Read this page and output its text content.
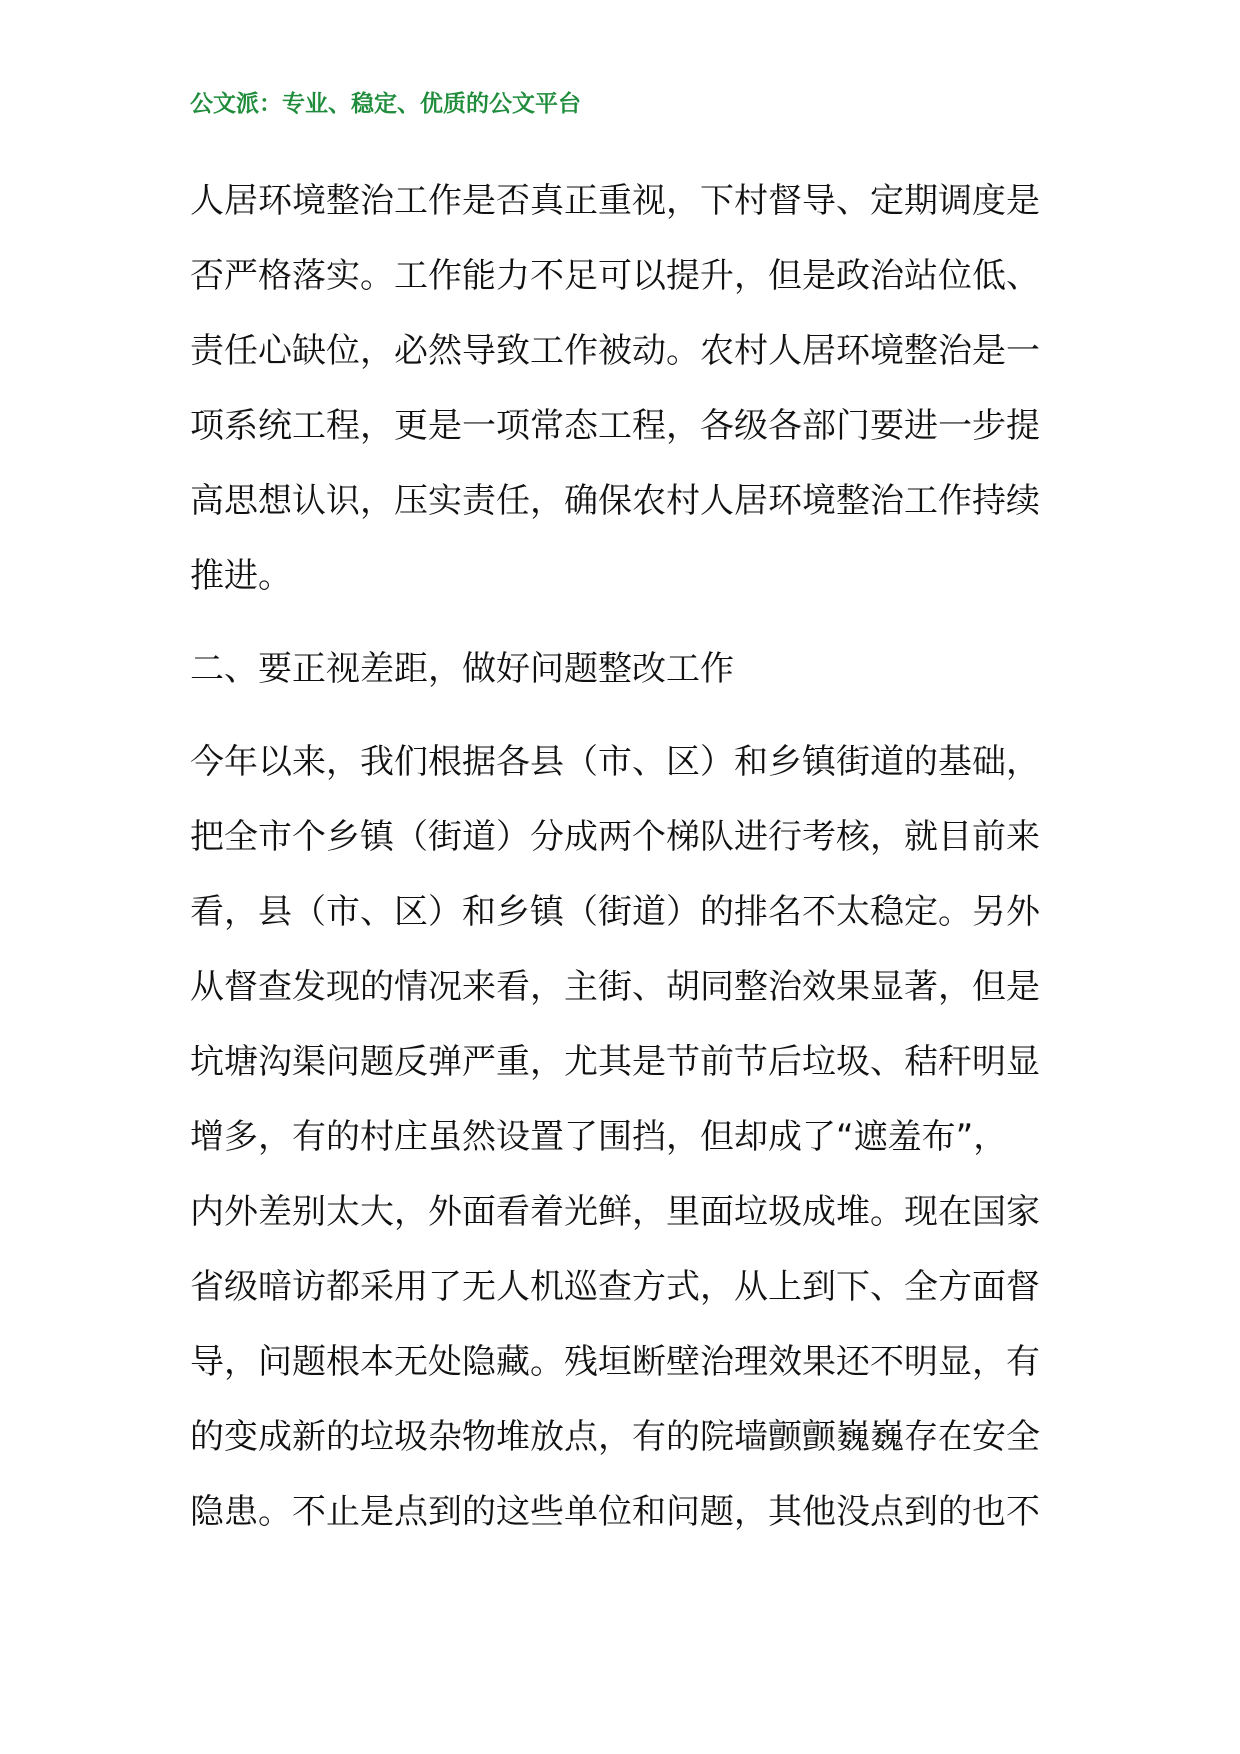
公文派：专业、稳定、优质的公文平台
人居环境整治工作是否真正重视，下村督导、定期调度是
否严格落实。工作能力不足可以提升，但是政治站位低、
责任心缺位，必然导致工作被动。农村人居环境整治是一
项系统工程，更是一项常态工程，各级各部门要进一步提
高思想认识，压实责任，确保农村人居环境整治工作持续
推进。
二、要正视差距，做好问题整改工作
今年以来，我们根据各县（市、区）和乡镇街道的基础，
把全市个乡镇（街道）分成两个梯队进行考核，就目前来
看，县（市、区）和乡镇（街道）的排名不太稳定。另外
从督查发现的情况来看，主街、胡同整治效果显著，但是
坑塘沟渠问题反弹严重，尤其是节前节后垃圾、秸秆明显
增多，有的村庄虽然设置了围挡，但却成了“遮羞布”，
内外差别太大，外面看着光鲜，里面垃圾成堆。现在国家
省级暗访都采用了无人机巡查方式，从上到下、全方面督
导，问题根本无处隐藏。残垣断壁治理效果还不明显，有
的变成新的垃圾杂物堆放点，有的院墙颤颤巍巍存在安全
隐患。不止是点到的这些单位和问题，其他没点到的也不
